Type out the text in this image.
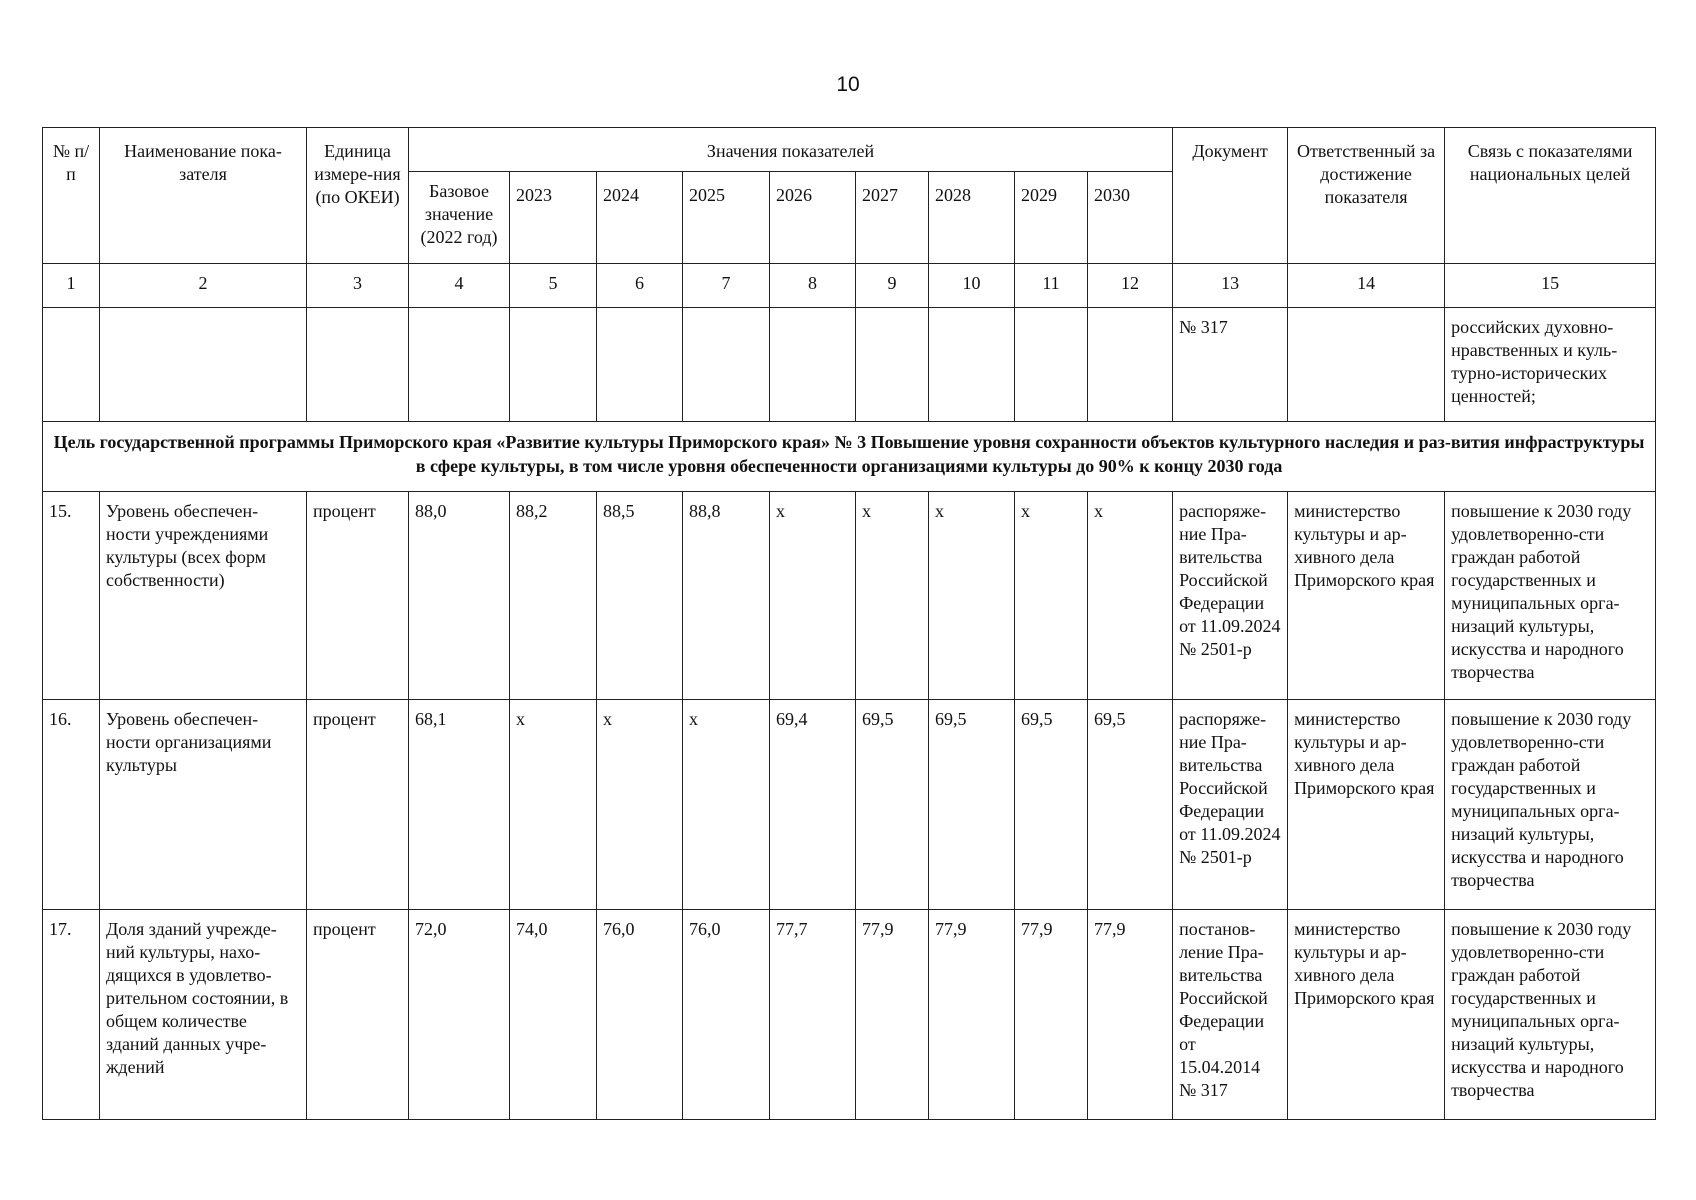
10
№ п/п	Наименование пока-зателя	Единица измере-ния (по ОКЕИ)	Значения показателей									Документ	Ответственный за достижение показателя	Связь с показателями национальных целей
			Базовое значение (2022 год)	2023	2024	2025	2026	2027	2028	2029	2030			
1	2	3	4	5	6	7	8	9	10	11	12	13	14	15
												№ 317		российских духовно-нравственных и куль-турно-исторических ценностей;
Цель государственной программы Приморского края «Развитие культуры Приморского края» № 3 Повышение уровня сохранности объектов культурного наследия и раз-вития инфраструктуры в сфере культуры, в том числе уровня обеспеченности организациями культуры до 90% к концу 2030 года														
15.	Уровень обеспечен-ности учреждениями культуры (всех форм собственности)	процент	88,0	88,2	88,5	88,8	x	x	x	x	x	распоряже-ние Пра-вительства Российской Федерации от 11.09.2024 № 2501-р	министерство культуры и ар-хивного дела Приморского края	повышение к 2030 году удовлетворенно-сти граждан работой государственных и муниципальных орга-низаций культуры, искусства и народного творчества
16.	Уровень обеспечен-ности организациями культуры	процент	68,1	x	x	x	69,4	69,5	69,5	69,5	69,5	распоряже-ние Пра-вительства Российской Федерации от 11.09.2024 № 2501-р	министерство культуры и ар-хивного дела Приморского края	повышение к 2030 году удовлетворенно-сти граждан работой государственных и муниципальных орга-низаций культуры, искусства и народного творчества
17.	Доля зданий учрежде-ний культуры, нахо-дящихся в удовлетво-рительном состоянии, в общем количестве зданий данных учре-ждений	процент	72,0	74,0	76,0	76,0	77,7	77,9	77,9	77,9	77,9	постанов-ление Пра-вительства Российской Федерации от 15.04.2014 № 317	министерство культуры и ар-хивного дела Приморского края	повышение к 2030 году удовлетворенно-сти граждан работой государственных и муниципальных орга-низаций культуры, искусства и народного творчества
